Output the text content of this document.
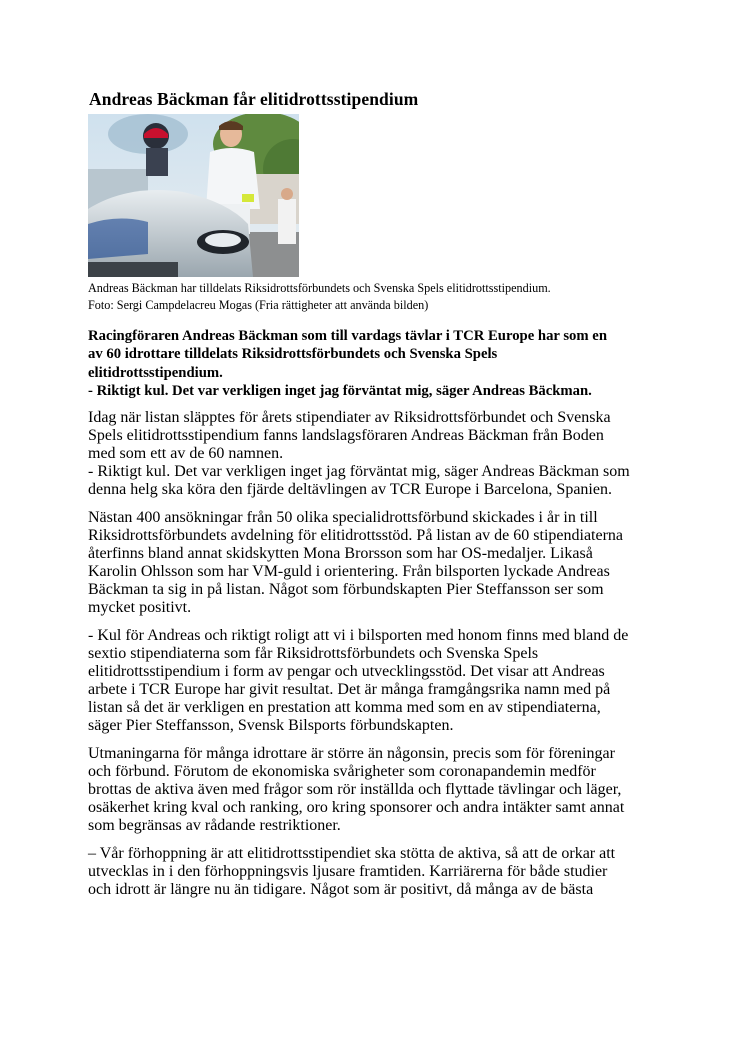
Andreas Bäckman får elitidrottsstipendium
Andreas Bäckman har tilldelats Riksidrottsförbundets och Svenska Spels elitidrottsstipendium.
Foto: Sergi Campdelacreu Mogas (Fria rättigheter att använda bilden)
Racingföraren Andreas Bäckman som till vardags tävlar i TCR Europe har som en
av 60 idrottare tilldelats Riksidrottsförbundets och Svenska Spels
elitidrottsstipendium.
- Riktigt kul. Det var verkligen inget jag förväntat mig, säger Andreas Bäckman.

Idag när listan släpptes för årets stipendiater av Riksidrottsförbundet och Svenska
Spels elitidrottsstipendium fanns landslagsföraren Andreas Bäckman från Boden
med som ett av de 60 namnen.
- Riktigt kul. Det var verkligen inget jag förväntat mig, säger Andreas Bäckman som
denna helg ska köra den fjärde deltävlingen av TCR Europe i Barcelona, Spanien.

Nästan 400 ansökningar från 50 olika specialidrottsförbund skickades i år in till
Riksidrottsförbundets avdelning för elitidrottsstöd. På listan av de 60 stipendiaterna
återfinns bland annat skidskytten Mona Brorsson som har OS-medaljer. Likaså
Karolin Ohlsson som har VM-guld i orientering. Från bilsporten lyckade Andreas
Bäckman ta sig in på listan. Något som förbundskapten Pier Steffansson ser som
mycket positivt.

- Kul för Andreas och riktigt roligt att vi i bilsporten med honom finns med bland de
sextio stipendiaterna som får Riksidrottsförbundets och Svenska Spels
elitidrottsstipendium i form av pengar och utvecklingsstöd. Det visar att Andreas
arbete i TCR Europe har givit resultat. Det är många framgångsrika namn med på
listan så det är verkligen en prestation att komma med som en av stipendiaterna,
säger Pier Steffansson, Svensk Bilsports förbundskapten.

Utmaningarna för många idrottare är större än någonsin, precis som för föreningar
och förbund. Förutom de ekonomiska svårigheter som coronapandemin medför
brottas de aktiva även med frågor som rör inställda och flyttade tävlingar och läger,
osäkerhet kring kval och ranking, oro kring sponsorer och andra intäkter samt annat
som begränsas av rådande restriktioner.

– Vår förhoppning är att elitidrottsstipendiet ska stötta de aktiva, så att de orkar att
utvecklas in i den förhoppningsvis ljusare framtiden. Karriärerna för både studier
och idrott är längre nu än tidigare. Något som är positivt, då många av de bästa
